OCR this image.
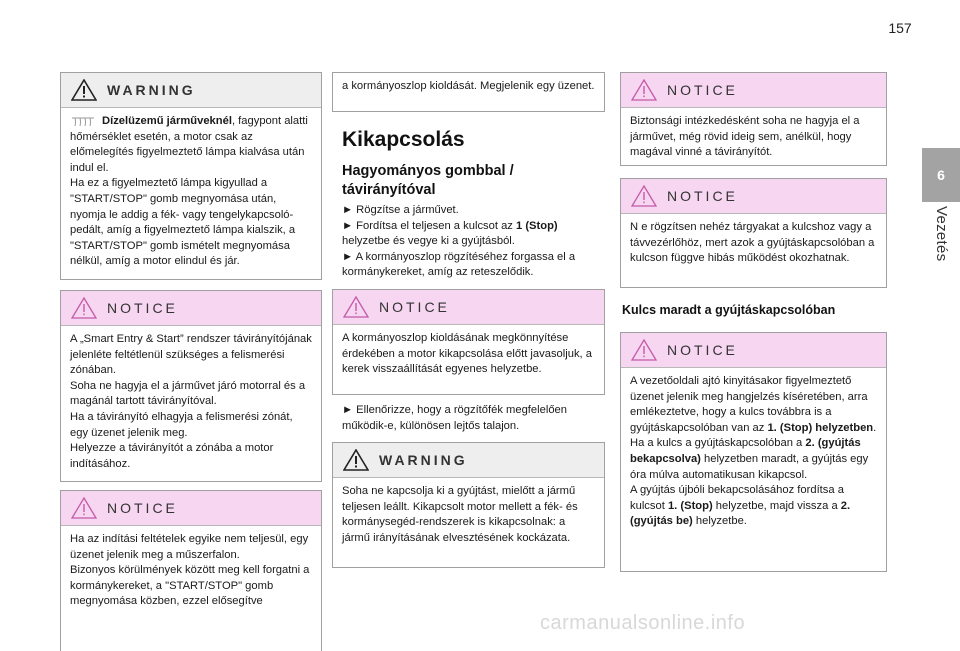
157
6
Vezetés
WARNING

Dízelüzemű járműveknél, fagypont alatti hőmérséklet esetén, a motor csak az előmelegítés figyelmeztető lámpa kialvása után indul el.

Ha ez a figyelmeztető lámpa kigyullad a "START/STOP" gomb megnyomása után, nyomja le addig a fék- vagy tengelykapcsoló-pedált, amíg a figyelmeztető lámpa kialszik, a "START/STOP" gomb ismételt megnyomása nélkül, amíg a motor elindul és jár.

NOTICE

A „Smart Entry & Start” rendszer távirányítójának jelenléte feltétlenül szükséges a felismerési zónában.

Soha ne hagyja el a járművet járó motorral és a magánál tartott távirányítóval.

Ha a távirányító elhagyja a felismerési zónát, egy üzenet jelenik meg.

Helyezze a távirányítót a zónába a motor indításához.

NOTICE

Ha az indítási feltételek egyike nem teljesül, egy üzenet jelenik meg a műszerfalon.

Bizonyos körülmények között meg kell forgatni a kormánykereket, a "START/STOP" gomb megnyomása közben, ezzel elősegítve

a kormányoszlop kioldását. Megjelenik egy üzenet.
Kikapcsolás
Hagyományos gombbal / távirányítóval

► Rögzítse a járművet.

► Fordítsa el teljesen a kulcsot az 1 (Stop) helyzetbe és vegye ki a gyújtásból.

► A kormányoszlop rögzítéséhez forgassa el a kormánykereket, amíg az reteszelődik.

NOTICE

A kormányoszlop kioldásának megkönnyítése érdekében a motor kikapcsolása előtt javasoljuk, a kerek visszaállítását egyenes helyzetbe.

► Ellenőrizze, hogy a rögzítőfék megfelelően működik-e, különösen lejtős talajon.
WARNING

Soha ne kapcsolja ki a gyújtást, mielőtt a jármű teljesen leállt. Kikapcsolt motor mellett a fék- és kormánysegéd-rendszerek is kikapcsolnak: a jármű irányításának elvesztésének kockázata.

NOTICE

Biztonsági intézkedésként soha ne hagyja el a járművet, még rövid ideig sem, anélkül, hogy magával vinné a távirányítót.

NOTICE

N e rögzítsen nehéz tárgyakat a kulcshoz vagy a távvezérlőhöz, mert azok a gyújtáskapcsolóban a kulcson függve hibás működést okozhatnak.

Kulcs maradt a gyújtáskapcsolóban
NOTICE

A vezetőoldali ajtó kinyitásakor figyelmeztető üzenet jelenik meg hangjelzés kíséretében, arra emlékeztetve, hogy a kulcs továbbra is a gyújtáskapcsolóban van az 1. (Stop) helyzetben.

Ha a kulcs a gyújtáskapcsolóban a 2. (gyújtás bekapcsolva) helyzetben maradt, a gyújtás egy óra múlva automatikusan kikapcsol.

A gyújtás újbóli bekapcsolásához fordítsa a kulcsot 1. (Stop) helyzetbe, majd vissza a 2. (gyújtás be) helyzetbe.

carmanualsonline.info
